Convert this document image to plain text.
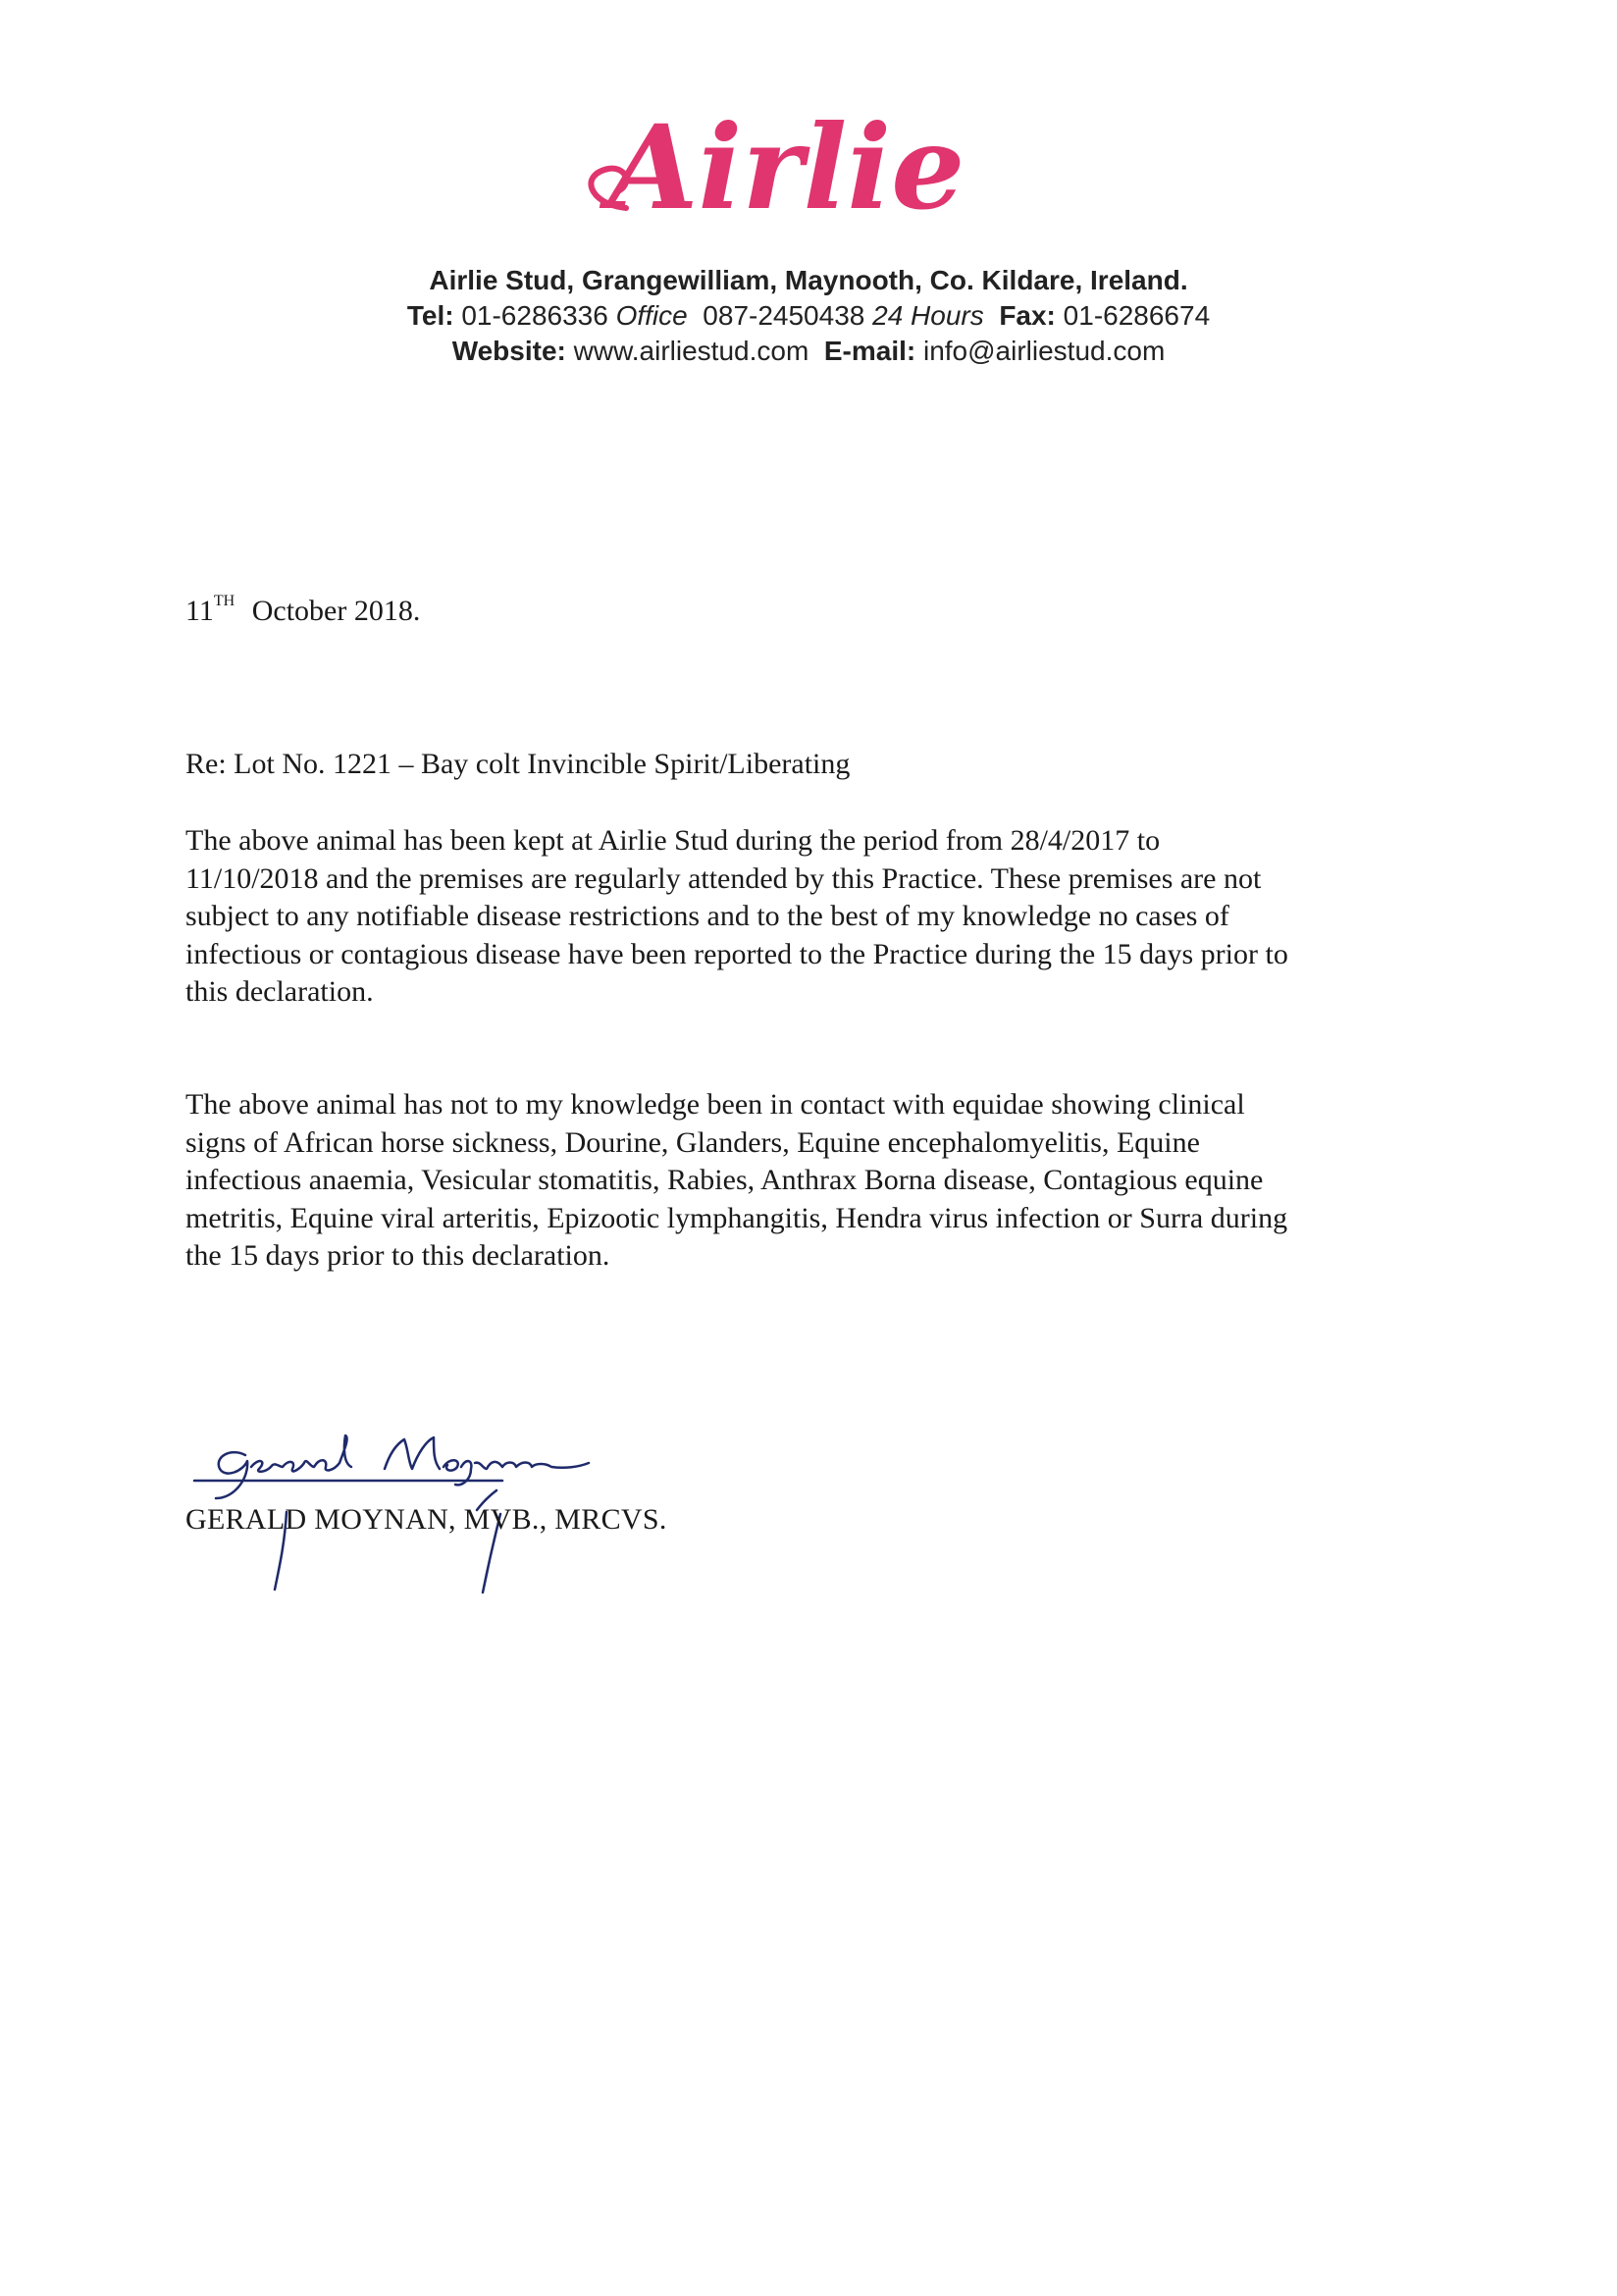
Airlie
Airlie Stud, Grangewilliam, Maynooth, Co. Kildare, Ireland.
Tel: 01-6286336 Office 087-2450438 24 Hours Fax: 01-6286674
Website: www.airliestud.com E-mail: info@airliestud.com
11TH October 2018.
Re: Lot No. 1221 – Bay colt Invincible Spirit/Liberating

The above animal has been kept at Airlie Stud during the period from 28/4/2017 to
11/10/2018 and the premises are regularly attended by this Practice. These premises are not
subject to any notifiable disease restrictions and to the best of my knowledge no cases of
infectious or contagious disease have been reported to the Practice during the 15 days prior to
this declaration.

The above animal has not to my knowledge been in contact with equidae showing clinical
signs of African horse sickness, Dourine, Glanders, Equine encephalomyelitis, Equine
infectious anaemia, Vesicular stomatitis, Rabies, Anthrax Borna disease, Contagious equine
metritis, Equine viral arteritis, Epizootic lymphangitis, Hendra virus infection or Surra during
the 15 days prior to this declaration.

GERALD MOYNAN, MVB., MRCVS.
